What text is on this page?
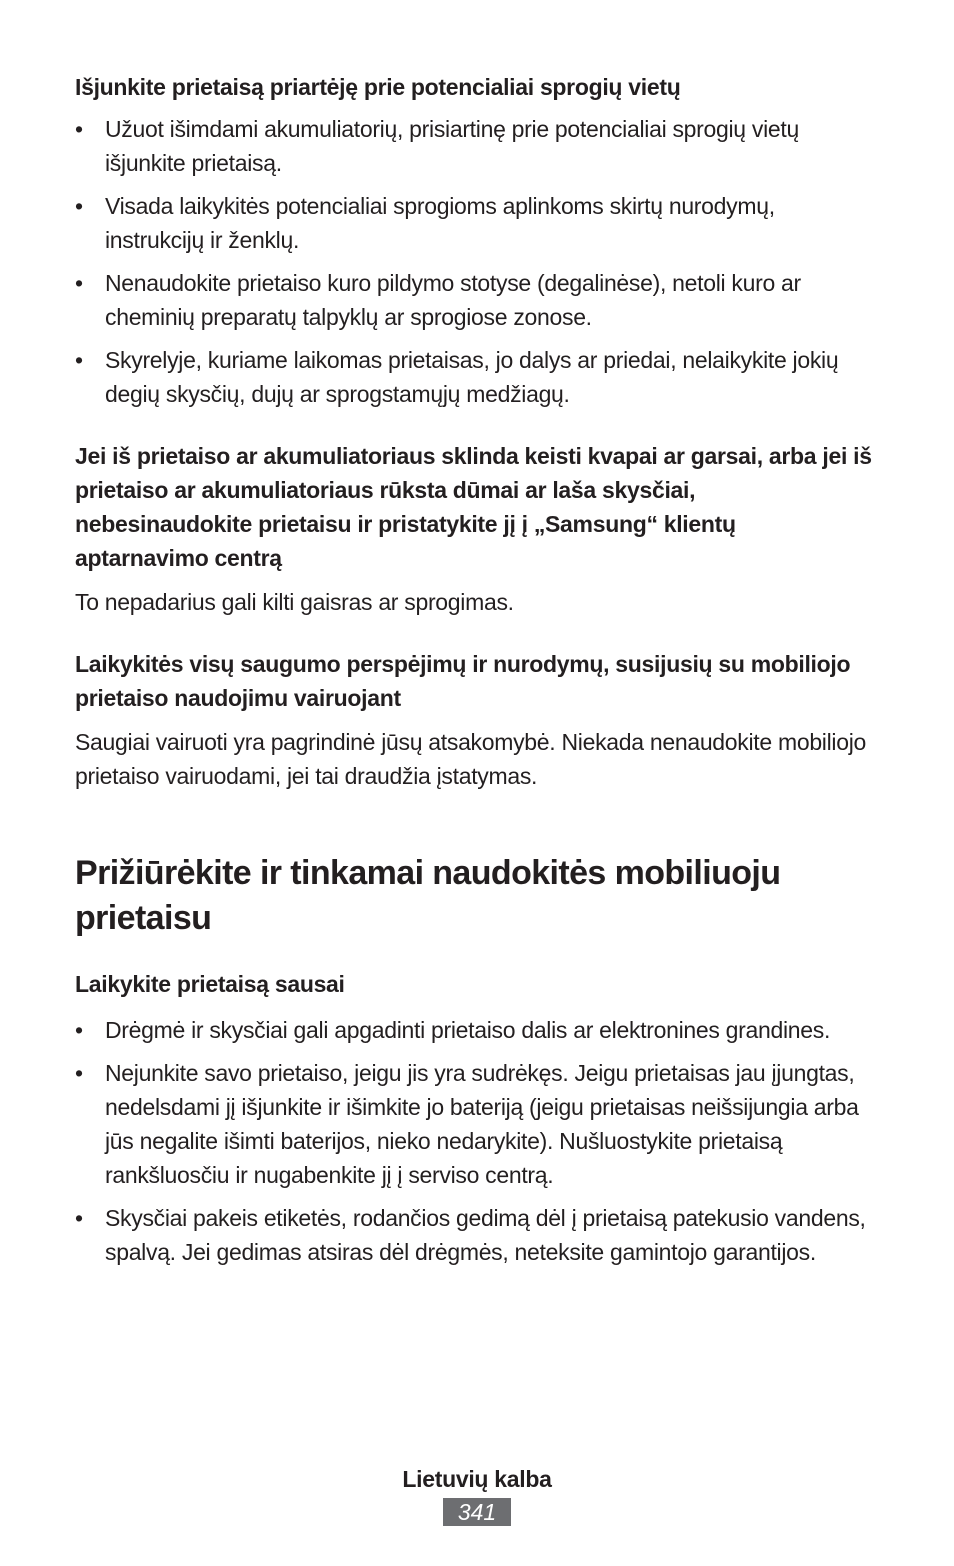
Išjunkite prietaisą priartėję prie potencialiai sprogių vietų

• Užuot išimdami akumuliatorių, prisiartinę prie potencialiai sprogių vietų išjunkite prietaisą.
• Visada laikykitės potencialiai sprogioms aplinkoms skirtų nurodymų, instrukcijų ir ženklų.
• Nenaudokite prietaiso kuro pildymo stotyse (degalinėse), netoli kuro ar cheminių preparatų talpyklų ar sprogiose zonose.
• Skyrelyje, kuriame laikomas prietaisas, jo dalys ar priedai, nelaikykite jokių degių skysčių, dujų ar sprogstamųjų medžiagų.

Jei iš prietaiso ar akumuliatoriaus sklinda keisti kvapai ar garsai, arba jei iš prietaiso ar akumuliatoriaus rūksta dūmai ar laša skysčiai, nebesinaudokite prietaisu ir pristatykite jį į „Samsung“ klientų aptarnavimo centrą

To nepadarius gali kilti gaisras ar sprogimas.

Laikykitės visų saugumo perspėjimų ir nurodymų, susijusių su mobiliojo prietaiso naudojimu vairuojant

Saugiai vairuoti yra pagrindinė jūsų atsakomybė. Niekada nenaudokite mobiliojo prietaiso vairuodami, jei tai draudžia įstatymas.

Prižiūrėkite ir tinkamai naudokitės mobiliuoju prietaisu

Laikykite prietaisą sausai

• Drėgmė ir skysčiai gali apgadinti prietaiso dalis ar elektronines grandines.
• Nejunkite savo prietaiso, jeigu jis yra sudrėkęs. Jeigu prietaisas jau įjungtas, nedelsdami jį išjunkite ir išimkite jo bateriją (jeigu prietaisas neišsijungia arba jūs negalite išimti baterijos, nieko nedarykite). Nušluostykite prietaisą rankšluosčiu ir nugabenkite jį į serviso centrą.
• Skysčiai pakeis etiketės, rodančios gedimą dėl į prietaisą patekusio vandens, spalvą. Jei gedimas atsiras dėl drėgmės, neteksite gamintojo garantijos.
Lietuvių kalba
341
